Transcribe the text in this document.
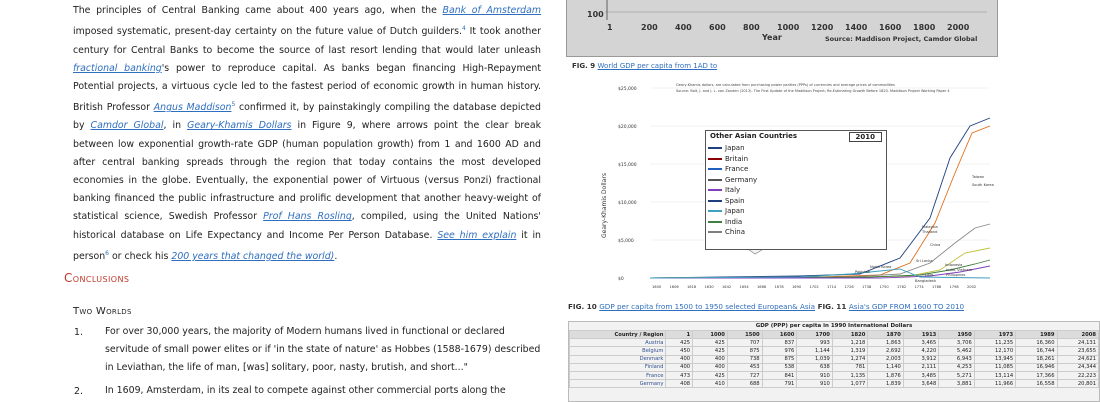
The principles of Central Banking came about 400 years ago, when the Bank of Amsterdam imposed systematic, present-day certainty on the future value of Dutch guilders.$^4$ It took another century for Central Banks to become the source of last resort lending that would later unleash fractional banking's power to reproduce capital. As banks began financing High-Repayment Potential projects, a virtuous cycle led to the fastest period of economic growth in human history. British Professor Angus Maddison$^5$ confirmed it, by painstakingly compiling the database depicted by Camdor Global, in Geary-Khamis Dollars in Figure 9, where arrows point the clear break between low exponential growth-rate GDP (human population growth) from 1 and 1600 AD and after central banking spreads through the region that today contains the most developed economies in the globe. Eventually, the exponential power of Virtuous (versus Ponzi) fractional banking financed the public infrastructure and prolific development that another heavy-weight of statistical science, Swedish Professor Prof Hans Rosling, compiled, using the United Nations' historical database on Life Expectancy and Income Per Person Database. See him explain it in person$^6$ or check his 200 years that changed the world).
Conclusions
Two Worlds
1. For over 30,000 years, the majority of Modern humans lived in functional or declared servitude of small power elites or if 'in the state of nature' as Hobbes (1588-1679) described in Leviathan, the life of man, [was] solitary, poor, nasty, brutish, and short..."
2. In 1609, Amsterdam, in its zeal to compete against other commercial ports along the
100
1	200 400 600 800 1000 1200 1400 1600 1800 2000
Year	Source: Maddison Project, Camdor Global
FIG. 9 World GDP per capita from 1AD to
Geary-Khamis dollars, are calculated from purchasing power parities (PPPs) of currencies and average prices of commodities
Source: Bolt, J. and J. L. van Zanden (2013). The First Update of the Maddison Project; Re-Estimating Growth Before 1820. Maddison Project Working Paper 4
Geary-Khamis Dollars
$25,000
$20,000
$15,000
$10,000
$5,000
$0
1600 1606 1618 1630 1642 1654 1666 1678 1690 1702 1714 1726 1738 1750 1762 1774 1786 1798 2002
Taiwan
South Korea
Malaysia
Thailand
China
Sri Lanka
Indonesia
India, Vietnam
Philippines
Pakistan
North Korea
Laos
Bangladesh
Other Asian Countries	2010
Japan
Britain
France
Germany
Italy
Spain
Japan
India
China
FIG. 10 GDP per capita from 1500 to 1950 selected European& Asia FIG. 11 Asia's GDP FROM 1600 TO 2010
GDP (PPP) per capita in 1990 International Dollars
Country / Region	1	1000	1500	1600	1700	1820	1870	1913	1950	1973	1989	2008
Austria	425	425	707	837	993	1,218	1,863	3,465	3,706	11,235	16,360	24,131
Belgium	450	425	875	976	1,144	1,319	2,692	4,220	5,462	12,170	16,744	23,655
Denmark	400	400	738	875	1,039	1,274	2,003	3,912	6,943	13,945	18,261	24,621
Finland	400	400	453	538	638	781	1,140	2,111	4,253	11,085	16,946	24,344
France	473	425	727	841	910	1,135	1,876	3,485	5,271	13,114	17,366	22,223
Germany	408	410	688	791	910	1,077	1,839	3,648	3,881	11,966	16,558	20,801
